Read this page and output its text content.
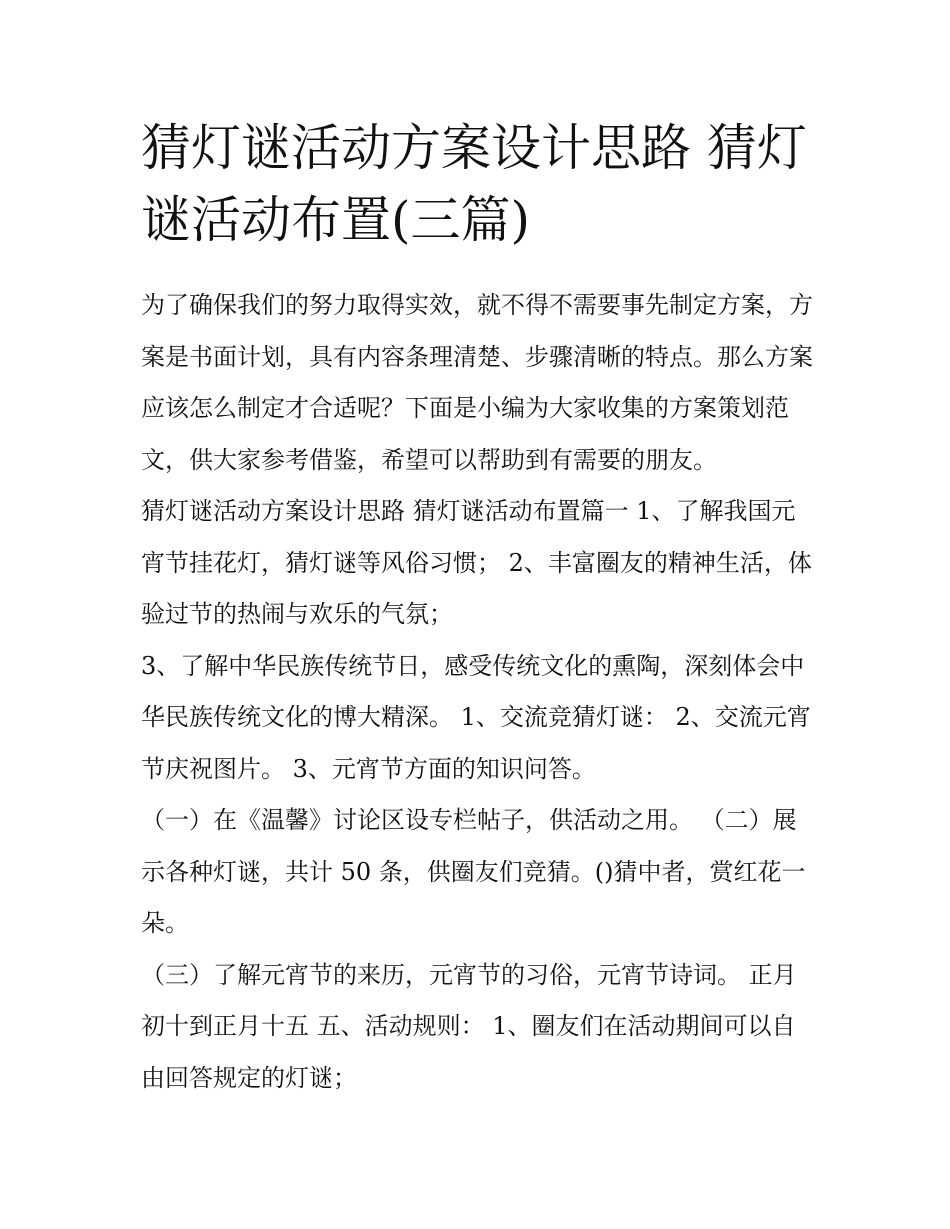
猜灯谜活动方案设计思路 猜灯谜活动布置(三篇)

为了确保我们的努力取得实效，就不得不需要事先制定方案，方案是书面计划，具有内容条理清楚、步骤清晰的特点。那么方案应该怎么制定才合适呢？下面是小编为大家收集的方案策划范文，供大家参考借鉴，希望可以帮助到有需要的朋友。

猜灯谜活动方案设计思路 猜灯谜活动布置篇一 1、了解我国元宵节挂花灯，猜灯谜等风俗习惯； 2、丰富圈友的精神生活，体验过节的热闹与欢乐的气氛；

3、了解中华民族传统节日，感受传统文化的熏陶，深刻体会中华民族传统文化的博大精深。 1、交流竞猜灯谜： 2、交流元宵节庆祝图片。 3、元宵节方面的知识问答。

（一）在《温馨》讨论区设专栏帖子，供活动之用。 （二）展示各种灯谜，共计 50 条，供圈友们竞猜。()猜中者，赏红花一朵。

（三）了解元宵节的来历，元宵节的习俗，元宵节诗词。 正月初十到正月十五 五、活动规则： 1、圈友们在活动期间可以自由回答规定的灯谜；
